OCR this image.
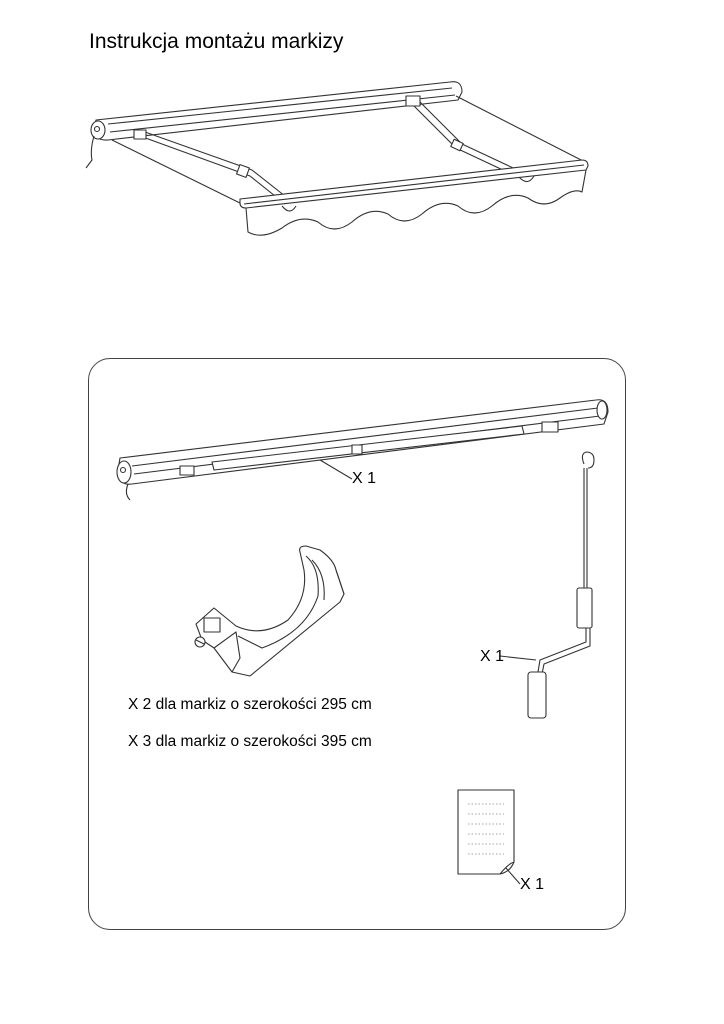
Instrukcja montażu markizy
X 1
X 1
X 1
X 2 dla markiz o szerokości 295 cm
X 3 dla markiz o szerokości 395 cm
